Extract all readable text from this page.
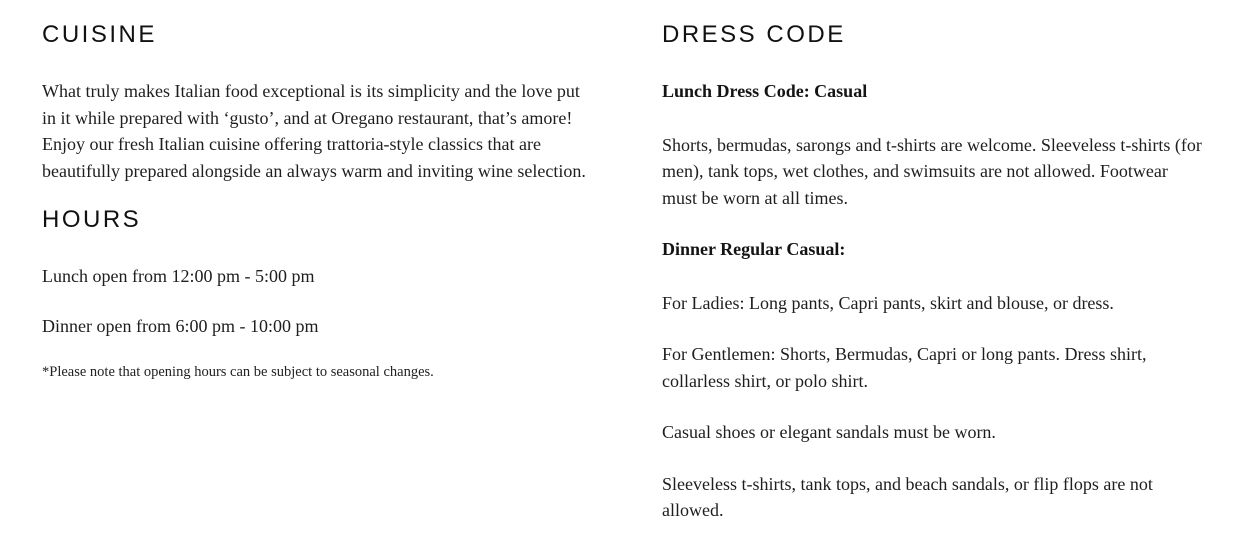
CUISINE

What truly makes Italian food exceptional is its simplicity and the love put in it while prepared with ‘gusto’, and at Oregano restaurant, that’s amore! Enjoy our fresh Italian cuisine offering trattoria-style classics that are beautifully prepared alongside an always warm and inviting wine selection.

HOURS

Lunch open from 12:00 pm - 5:00 pm

Dinner open from 6:00 pm - 10:00 pm

*Please note that opening hours can be subject to seasonal changes.

DRESS CODE

Lunch Dress Code: Casual

Shorts, bermudas, sarongs and t-shirts are welcome. Sleeveless t-shirts (for men), tank tops, wet clothes, and swimsuits are not allowed. Footwear must be worn at all times.

Dinner Regular Casual:

For Ladies: Long pants, Capri pants, skirt and blouse, or dress.

For Gentlemen: Shorts, Bermudas, Capri or long pants. Dress shirt, collarless shirt, or polo shirt.

Casual shoes or elegant sandals must be worn.

Sleeveless t-shirts, tank tops, and beach sandals, or flip flops are not allowed.
